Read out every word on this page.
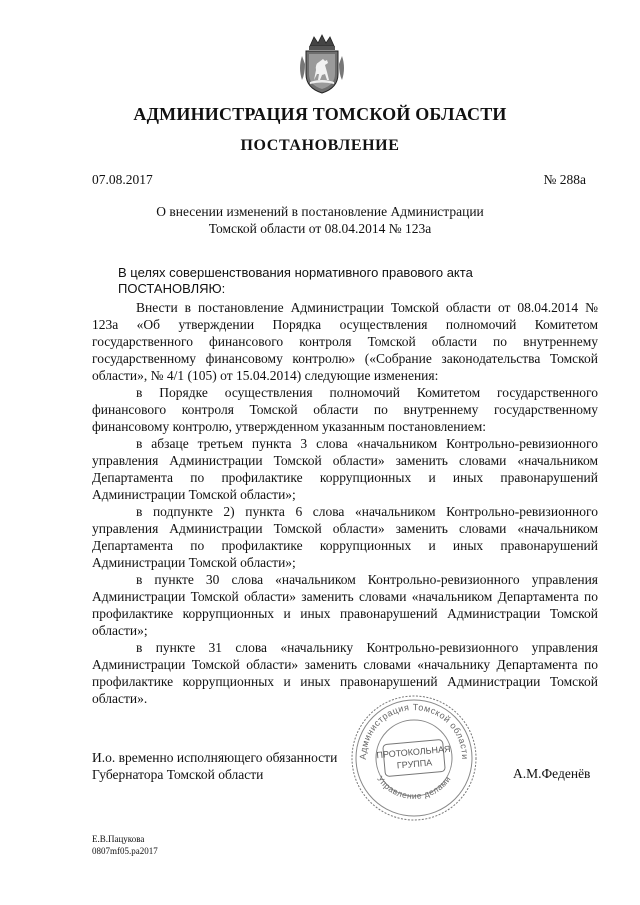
АДМИНИСТРАЦИЯ ТОМСКОЙ ОБЛАСТИ
ПОСТАНОВЛЕНИЕ
07.08.2017	№ 288а
О внесении изменений в постановление Администрации
Томской области от 08.04.2014 № 123а
В целях совершенствования нормативного правового акта
ПОСТАНОВЛЯЮ:

Внести в постановление Администрации Томской области от 08.04.2014 № 123а «Об утверждении Порядка осуществления полномочий Комитетом государственного финансового контроля Томской области по внутреннему государственному финансовому контролю» («Собрание законодательства Томской области», № 4/1 (105) от 15.04.2014) следующие изменения:

в Порядке осуществления полномочий Комитетом государственного финансового контроля Томской области по внутреннему государственному финансовому контролю, утвержденном указанным постановлением:

в абзаце третьем пункта 3 слова «начальником Контрольно-ревизионного управления Администрации Томской области» заменить словами «начальником Департамента по профилактике коррупционных и иных правонарушений Администрации Томской области»;

в подпункте 2) пункта 6 слова «начальником Контрольно-ревизионного управления Администрации Томской области» заменить словами «начальником Департамента по профилактике коррупционных и иных правонарушений Администрации Томской области»;

в пункте 30 слова «начальником Контрольно-ревизионного управления Администрации Томской области» заменить словами «начальником Департамента по профилактике коррупционных и иных правонарушений Администрации Томской области»;

в пункте 31 слова «начальнику Контрольно-ревизионного управления Администрации Томской области» заменить словами «начальнику Департамента по профилактике коррупционных и иных правонарушений Администрации Томской области».

Администрация Томской области
Управление делами
ПРОТОКОЛЬНАЯ
ГРУППА
И.о. временно исполняющего обязанности
Губернатора Томской области	А.М.Феденёв
Е.В.Пацукова
0807mf05.ра2017
